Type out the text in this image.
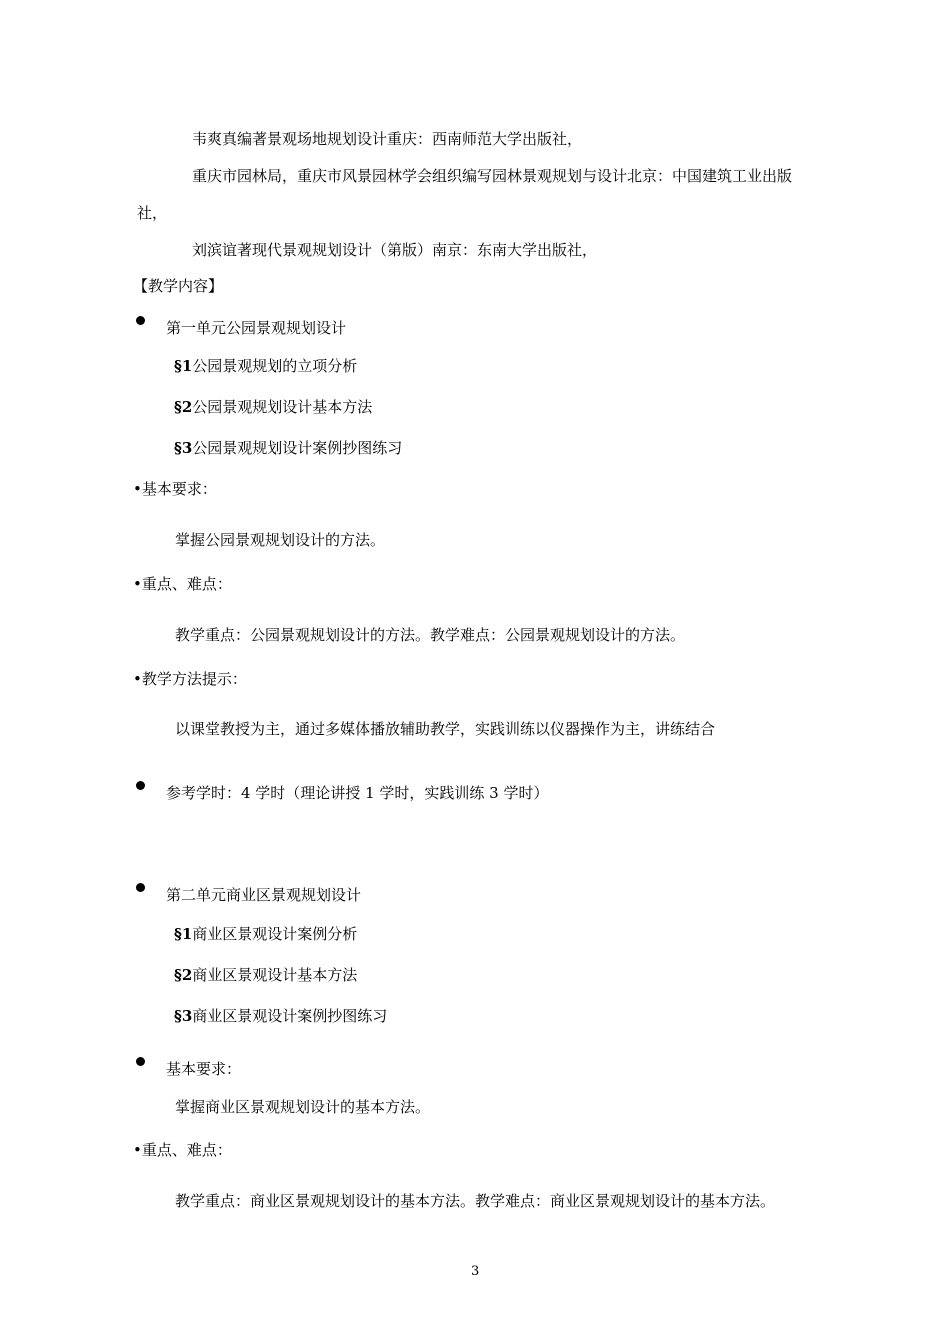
韦爽真编著景观场地规划设计重庆：西南师范大学出版社，
重庆市园林局，重庆市风景园林学会组织编写园林景观规划与设计北京：中国建筑工业出版
社，
刘滨谊著现代景观规划设计（第版）南京：东南大学出版社，
【教学内容】
第一单元公园景观规划设计
§1公园景观规划的立项分析
§2公园景观规划设计基本方法
§3公园景观规划设计案例抄图练习
•基本要求：
掌握公园景观规划设计的方法。
•重点、难点：
教学重点：公园景观规划设计的方法。教学难点：公园景观规划设计的方法。
•教学方法提示：
以课堂教授为主，通过多媒体播放辅助教学，实践训练以仪器操作为主，讲练结合
参考学时：4 学时（理论讲授 1 学时，实践训练 3 学时）
第二单元商业区景观规划设计
§1商业区景观设计案例分析
§2商业区景观设计基本方法
§3商业区景观设计案例抄图练习
基本要求：
掌握商业区景观规划设计的基本方法。
•重点、难点：
教学重点：商业区景观规划设计的基本方法。教学难点：商业区景观规划设计的基本方法。
3
